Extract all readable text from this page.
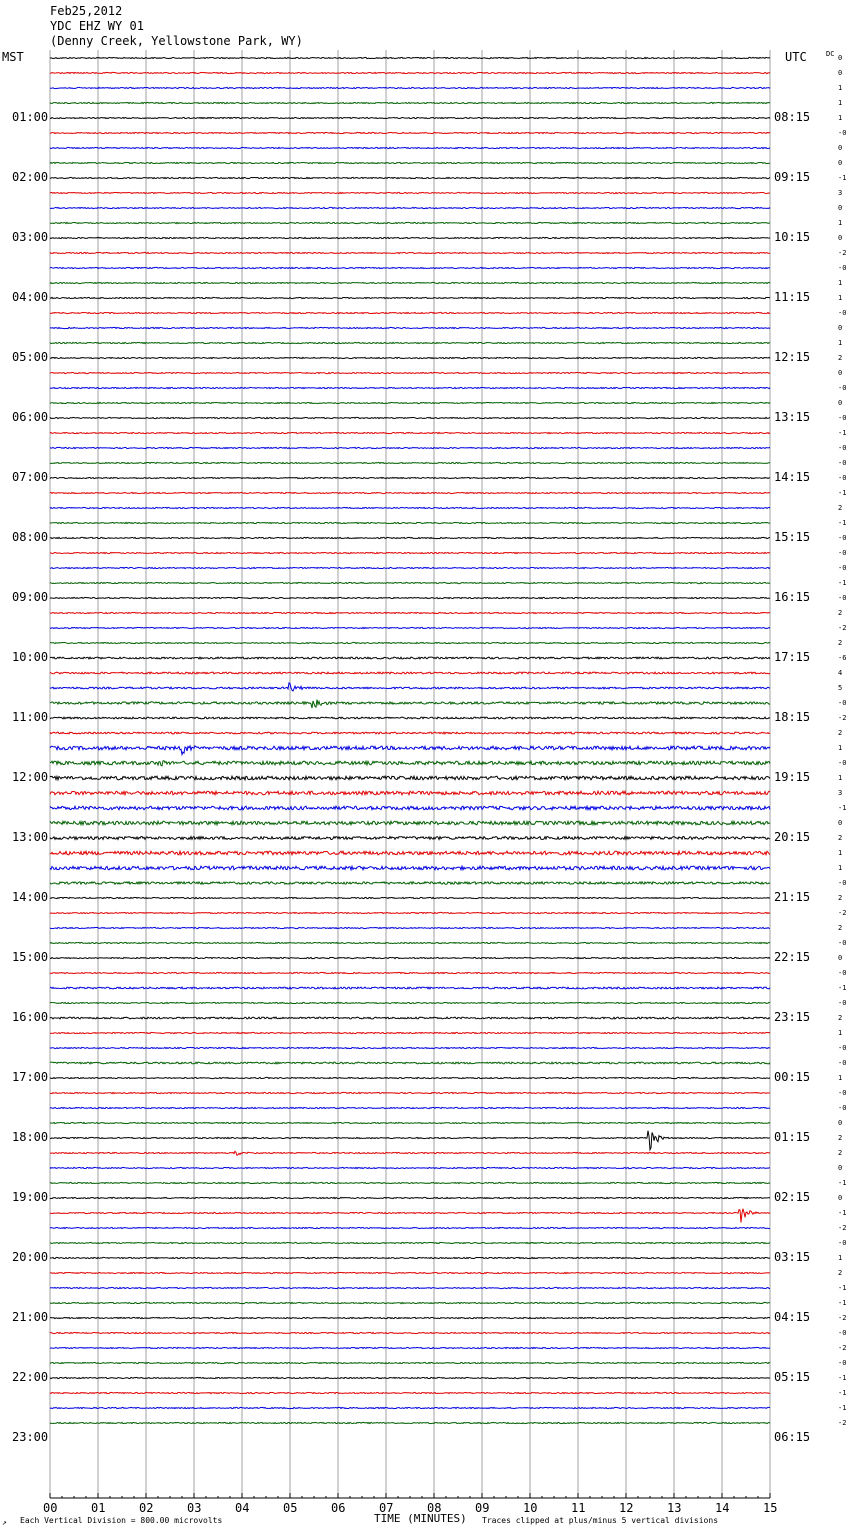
Feb25,2012
YDC EHZ WY 01
(Denny Creek, Yellowstone Park, WY)
MST	UTC	DC 0
0
1
1
1
-0
0
0
-1
3
0
1
0
-2
-0
1
1
-0
0
1
2
0
-0
0
-0
-1
-0
-0
-0
-1
2
-1
-0
-0
-0
-1
-0
2
-2
2
-6
4
5
-0
-2
2
1
-0
1
3
-1
0
2
1
1
-0
2
-2
2
-0
0
-0
-1
-0
2
1
-0
-0
1
-0
-0
0
2
2
0
-1
0
-1
-2
-0
1
2
-1
-1
-2
-0
-2
-0
-1
-1
-1
-2
01:00
02:00
03:00
04:00
05:00
06:00
07:00
08:00
09:00
10:00
11:00
12:00
13:00
14:00
15:00
16:00
17:00
18:00
19:00
20:00
21:00
22:00
23:00
08:15
09:15
10:15
11:15
12:15
13:15
14:15
15:15
16:15
17:15
18:15
19:15
20:15
21:15
22:15
23:15
00:15
01:15
02:15
03:15
04:15
05:15
06:15
00	01	02	03	04	05	06	07	08	09	10	11	12	13	14	15
↗ Each Vertical Division = 800.00 microvolts	TIME (MINUTES) Traces clipped at plus/minus 5 vertical divisions
